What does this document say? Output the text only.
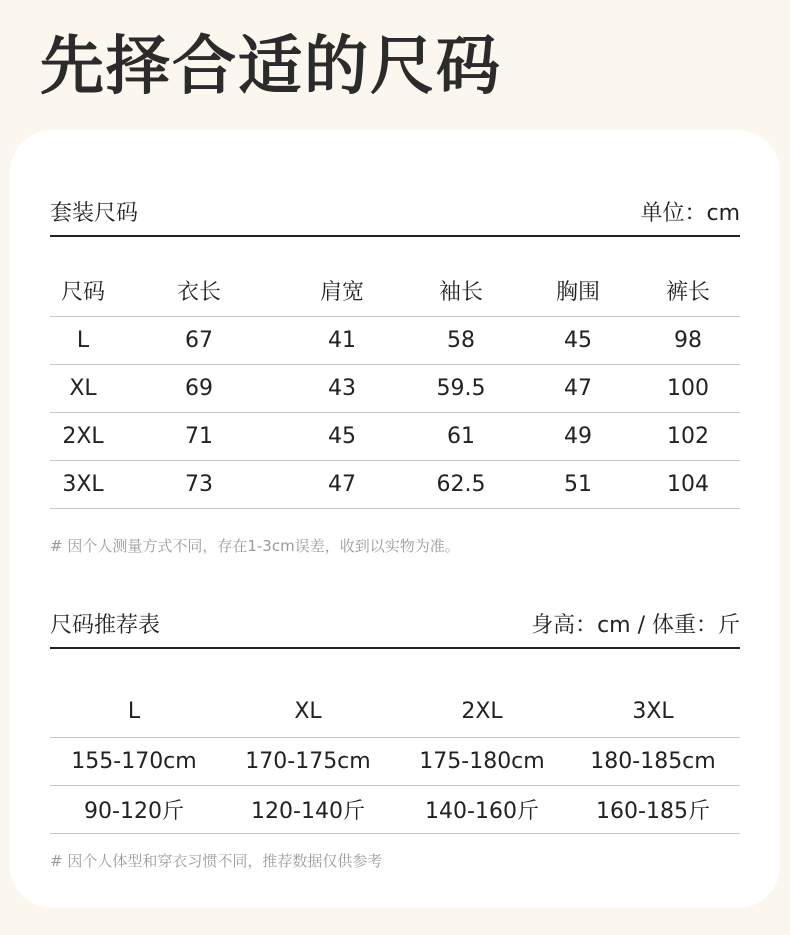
先择合适的尺码
套装尺码	单位：cm
尺码	衣长	肩宽	袖长	胸围	裤长
L	67	41	58	45	98
XL	69	43	59.5	47	100
2XL	71	45	61	49	102
3XL	73	47	62.5	51	104
# 因个人测量方式不同，存在1-3cm误差，收到以实物为准。
尺码推荐表	身高：cm / 体重：斤
L	XL	2XL	3XL
155-170cm	170-175cm	175-180cm	180-185cm
90-120斤	120-140斤	140-160斤	160-185斤
# 因个人体型和穿衣习惯不同，推荐数据仅供参考
